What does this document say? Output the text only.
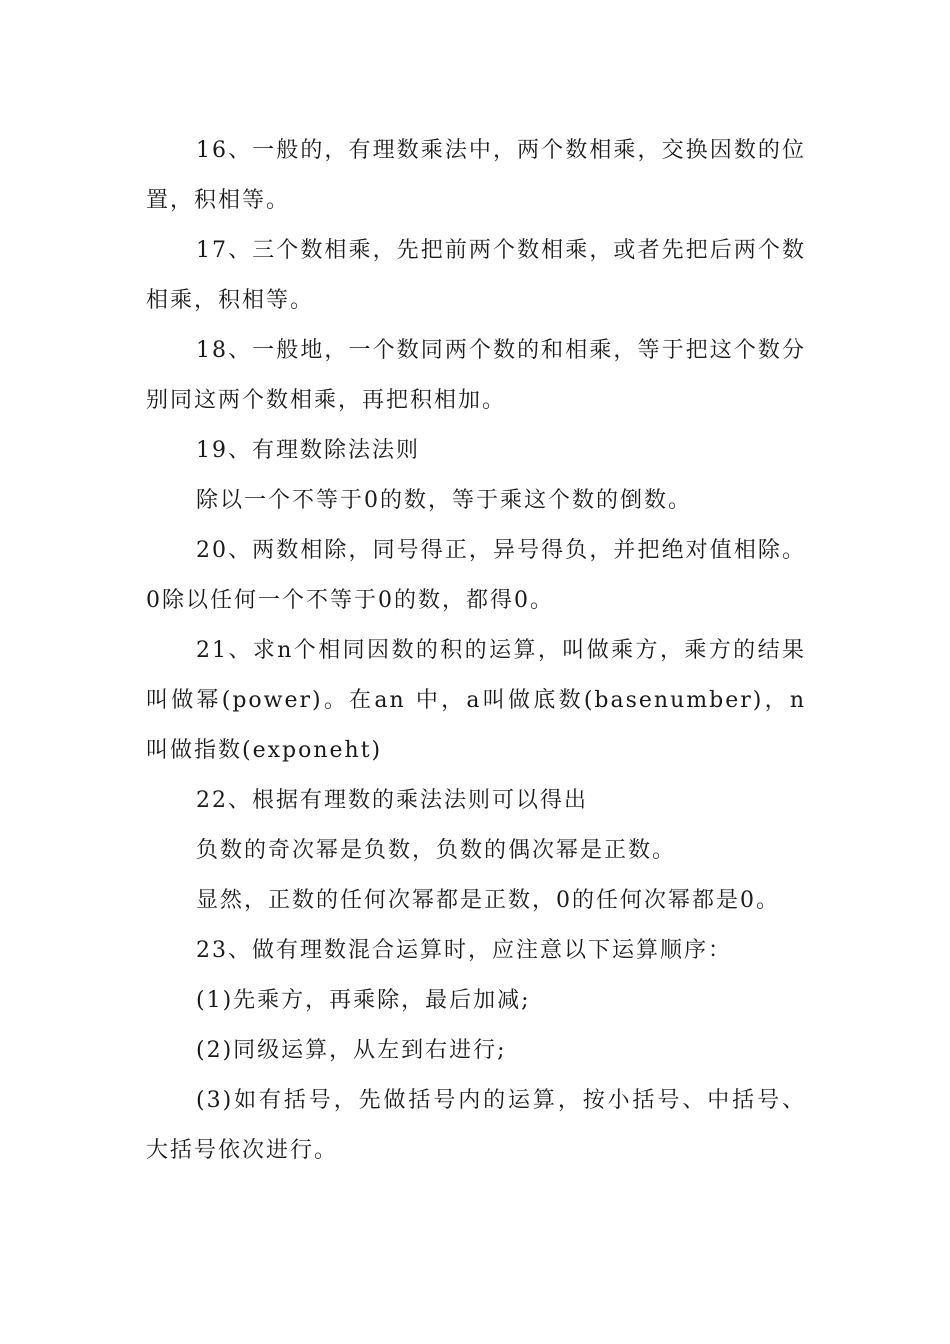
16、一般的，有理数乘法中，两个数相乘，交换因数的位置，积相等。

17、三个数相乘，先把前两个数相乘，或者先把后两个数相乘，积相等。

18、一般地，一个数同两个数的和相乘，等于把这个数分别同这两个数相乘，再把积相加。

19、有理数除法法则

除以一个不等于0的数，等于乘这个数的倒数。

20、两数相除，同号得正，异号得负，并把绝对值相除。0除以任何一个不等于0的数，都得0。

21、求n个相同因数的积的运算，叫做乘方，乘方的结果叫做幂(power)。在an 中，a叫做底数(basenumber)，n叫做指数(exponeht)

22、根据有理数的乘法法则可以得出

负数的奇次幂是负数，负数的偶次幂是正数。

显然，正数的任何次幂都是正数，0的任何次幂都是0。

23、做有理数混合运算时，应注意以下运算顺序：

(1)先乘方，再乘除，最后加减;

(2)同级运算，从左到右进行;

(3)如有括号，先做括号内的运算，按小括号、中括号、大括号依次进行。
